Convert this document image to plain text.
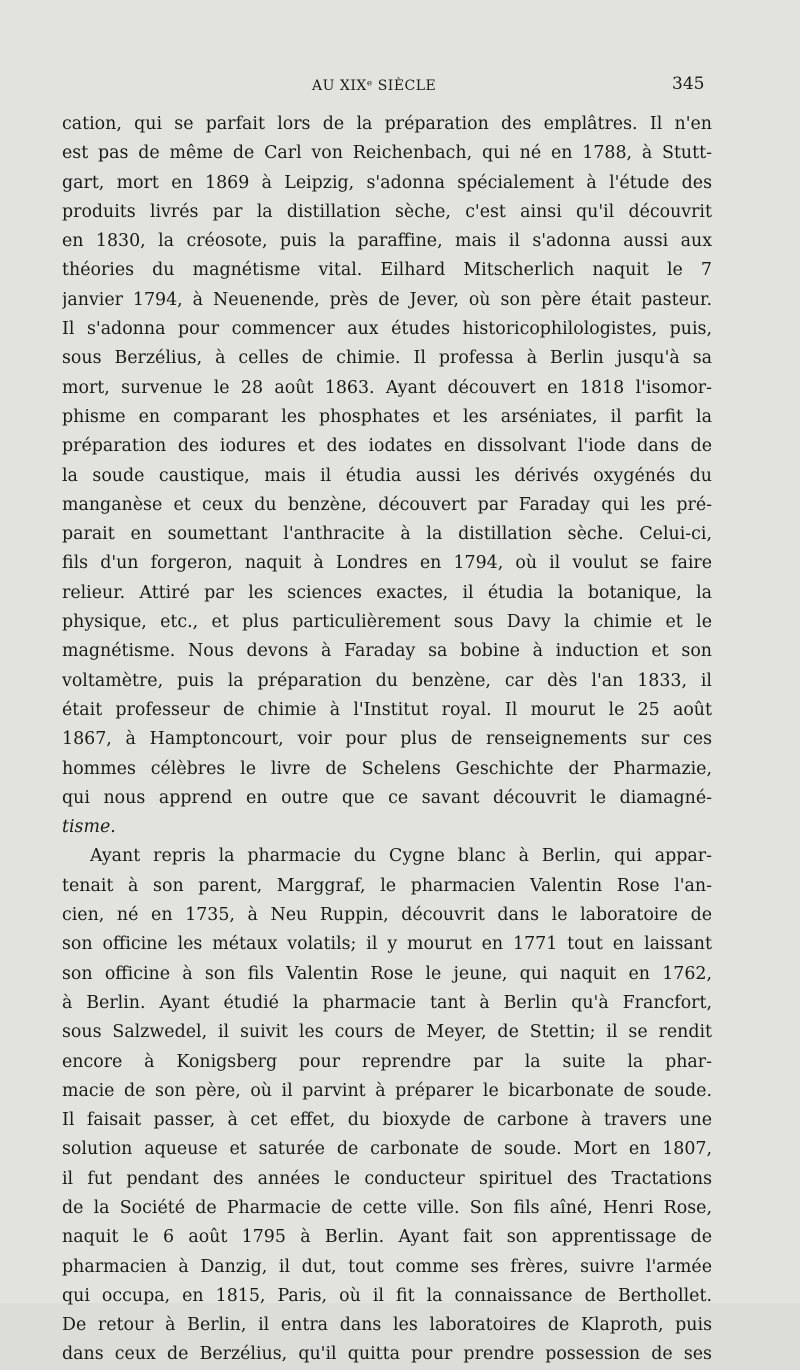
AU XIXᵉ SIÈCLE	345
cation, qui se parfait lors de la préparation des emplâtres. Il n'en
est pas de même de Carl von Reichenbach, qui né en 1788, à Stutt-
gart, mort en 1869 à Leipzig, s'adonna spécialement à l'étude des
produits livrés par la distillation sèche, c'est ainsi qu'il découvrit
en 1830, la créosote, puis la paraffine, mais il s'adonna aussi aux
théories du magnétisme vital. Eilhard Mitscherlich naquit le 7
janvier 1794, à Neuenende, près de Jever, où son père était pasteur.
Il s'adonna pour commencer aux études historicophilologistes, puis,
sous Berzélius, à celles de chimie. Il professa à Berlin jusqu'à sa
mort, survenue le 28 août 1863. Ayant découvert en 1818 l'isomor-
phisme en comparant les phosphates et les arséniates, il parfit la
préparation des iodures et des iodates en dissolvant l'iode dans de
la soude caustique, mais il étudia aussi les dérivés oxygénés du
manganèse et ceux du benzène, découvert par Faraday qui les pré-
parait en soumettant l'anthracite à la distillation sèche. Celui-ci,
fils d'un forgeron, naquit à Londres en 1794, où il voulut se faire
relieur. Attiré par les sciences exactes, il étudia la botanique, la
physique, etc., et plus particulièrement sous Davy la chimie et le
magnétisme. Nous devons à Faraday sa bobine à induction et son
voltamètre, puis la préparation du benzène, car dès l'an 1833, il
était professeur de chimie à l'Institut royal. Il mourut le 25 août
1867, à Hamptoncourt, voir pour plus de renseignements sur ces
hommes célèbres le livre de Schelens Geschichte der Pharmazie,
qui nous apprend en outre que ce savant découvrit le diamagné-
tisme.
Ayant repris la pharmacie du Cygne blanc à Berlin, qui appar-
tenait à son parent, Marggraf, le pharmacien Valentin Rose l'an-
cien, né en 1735, à Neu Ruppin, découvrit dans le laboratoire de
son officine les métaux volatils; il y mourut en 1771 tout en laissant
son officine à son fils Valentin Rose le jeune, qui naquit en 1762,
à Berlin. Ayant étudié la pharmacie tant à Berlin qu'à Francfort,
sous Salzwedel, il suivit les cours de Meyer, de Stettin; il se rendit
encore à Konigsberg pour reprendre par la suite la phar-
macie de son père, où il parvint à préparer le bicarbonate de soude.
Il faisait passer, à cet effet, du bioxyde de carbone à travers une
solution aqueuse et saturée de carbonate de soude. Mort en 1807,
il fut pendant des années le conducteur spirituel des Tractations
de la Société de Pharmacie de cette ville. Son fils aîné, Henri Rose,
naquit le 6 août 1795 à Berlin. Ayant fait son apprentissage de
pharmacien à Danzig, il dut, tout comme ses frères, suivre l'armée
qui occupa, en 1815, Paris, où il fit la connaissance de Berthollet.
De retour à Berlin, il entra dans les laboratoires de Klaproth, puis
dans ceux de Berzélius, qu'il quitta pour prendre possession de ses
